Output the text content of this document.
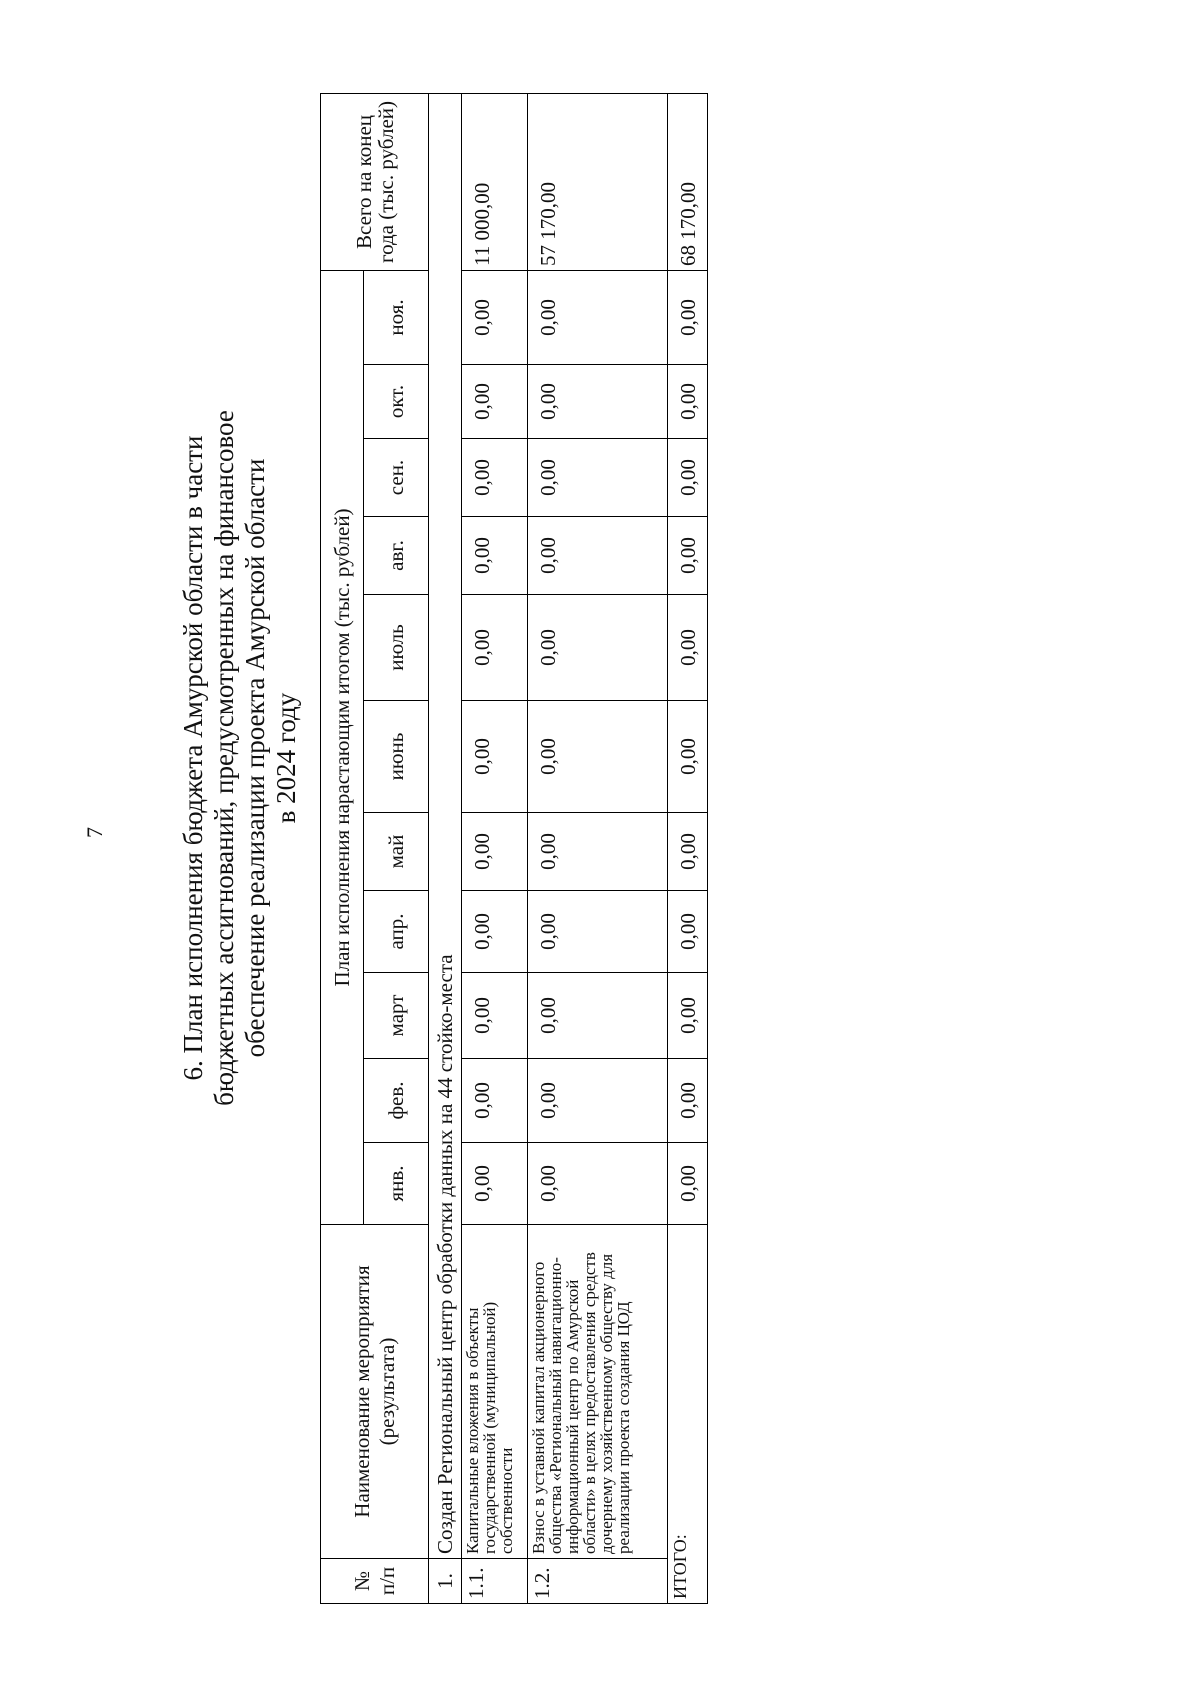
7	6. План исполнения бюджета Амурской области в части бюджетных ассигнований, предусмотренных на финансовое обеспечение реализации проекта Амурской области в 2024 году
№ п/п	Наименование мероприятия (результата)	План исполнения нарастающим итогом (тыс. рублей)											Всего на конец года (тыс. рублей)
		янв.	фев.	март	апр.	май	июнь	июль	авг.	сен.	окт.	ноя.	
1.	Создан Региональный центр обработки данных на 44 стойко-места												
1.1.	Капитальные вложения в объекты государственной (муниципальной) собственности	0,00	0,00	0,00	0,00	0,00	0,00	0,00	0,00	0,00	0,00	0,00	11 000,00
1.2.	Взнос в уставной капитал акционерного общества «Региональный навигационно-информационный центр по Амурской области» в целях предоставления средств дочернему хозяйственному обществу для реализации проекта создания ЦОД	0,00	0,00	0,00	0,00	0,00	0,00	0,00	0,00	0,00	0,00	0,00	57 170,00
ИТОГО:		0,00	0,00	0,00	0,00	0,00	0,00	0,00	0,00	0,00	0,00	0,00	68 170,00
